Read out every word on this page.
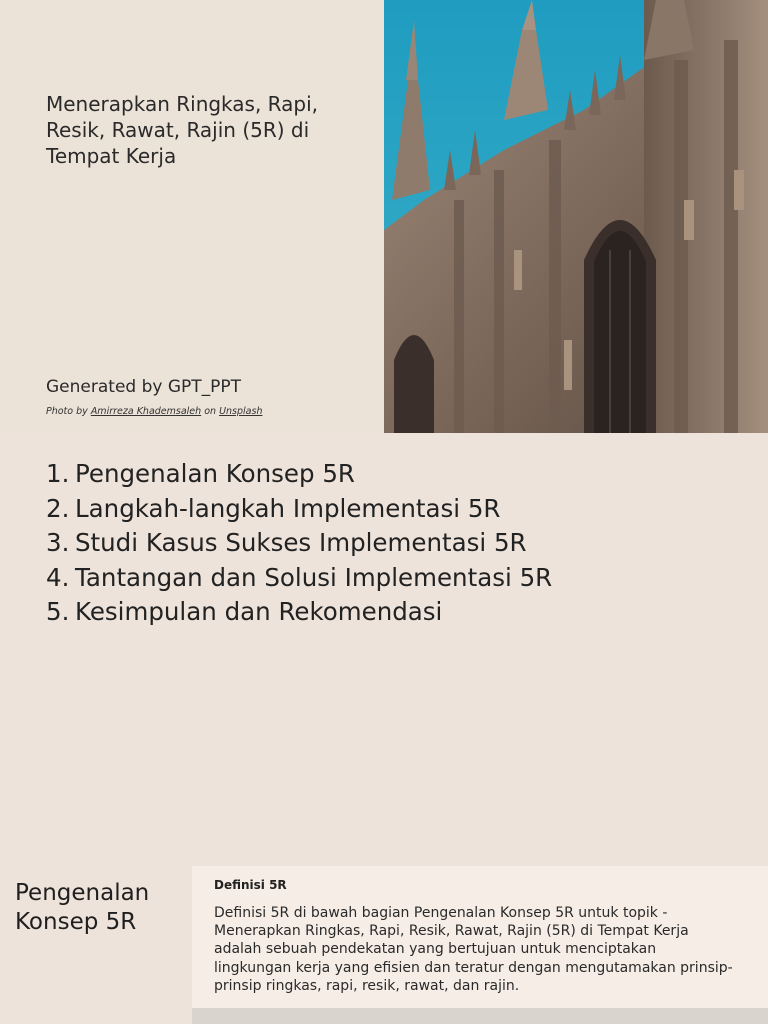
Menerapkan Ringkas, Rapi, Resik, Rawat, Rajin (5R) di Tempat Kerja
Generated by GPT_PPT
Photo by Amirreza Khademsaleh on Unsplash
1. Pengenalan Konsep 5R
2. Langkah-langkah Implementasi 5R
3. Studi Kasus Sukses Implementasi 5R
4. Tantangan dan Solusi Implementasi 5R
5. Kesimpulan dan Rekomendasi
Pengenalan Konsep 5R
Definisi 5R
Definisi 5R di bawah bagian Pengenalan Konsep 5R untuk topik - Menerapkan Ringkas, Rapi, Resik, Rawat, Rajin (5R) di Tempat Kerja adalah sebuah pendekatan yang bertujuan untuk menciptakan lingkungan kerja yang efisien dan teratur dengan mengutamakan prinsip-prinsip ringkas, rapi, resik, rawat, dan rajin.
